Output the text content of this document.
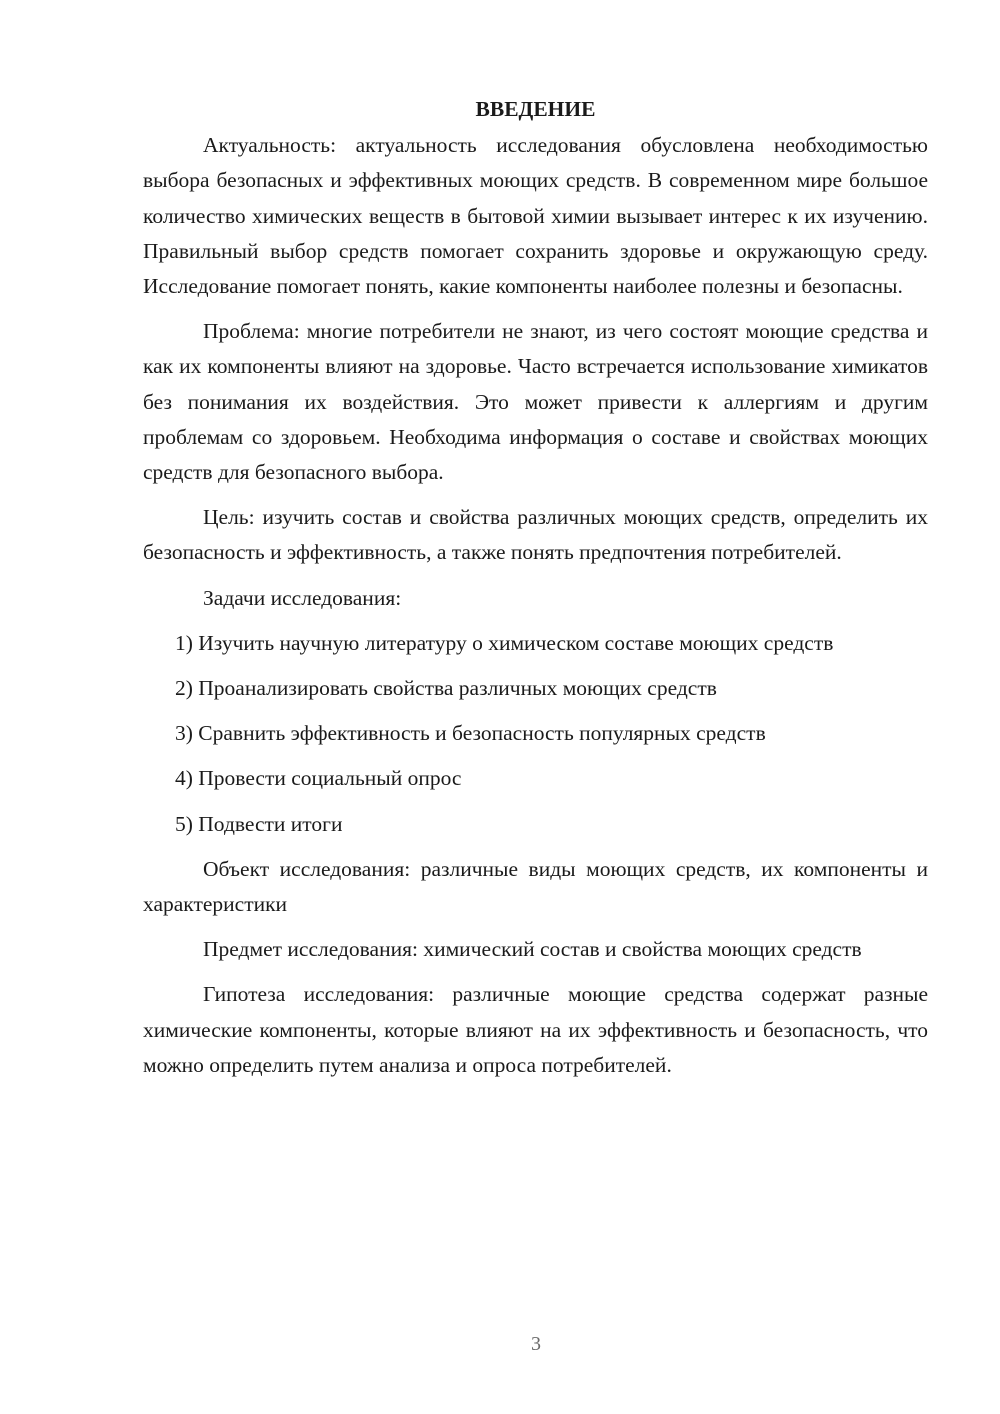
ВВЕДЕНИЕ

Актуальность: актуальность исследования обусловлена необходимостью выбора безопасных и эффективных моющих средств. В современном мире большое количество химических веществ в бытовой химии вызывает интерес к их изучению. Правильный выбор средств помогает сохранить здоровье и окружающую среду. Исследование помогает понять, какие компоненты наиболее полезны и безопасны.

Проблема: многие потребители не знают, из чего состоят моющие средства и как их компоненты влияют на здоровье. Часто встречается использование химикатов без понимания их воздействия. Это может привести к аллергиям и другим проблемам со здоровьем. Необходима информация о составе и свойствах моющих средств для безопасного выбора.

Цель: изучить состав и свойства различных моющих средств, определить их безопасность и эффективность, а также понять предпочтения потребителей.

Задачи исследования:

1) Изучить научную литературу о химическом составе моющих средств

2) Проанализировать свойства различных моющих средств

3) Сравнить эффективность и безопасность популярных средств

4) Провести социальный опрос

5) Подвести итоги

Объект исследования: различные виды моющих средств, их компоненты и характеристики

Предмет исследования: химический состав и свойства моющих средств

Гипотеза исследования: различные моющие средства содержат разные химические компоненты, которые влияют на их эффективность и безопасность, что можно определить путем анализа и опроса потребителей.

3
